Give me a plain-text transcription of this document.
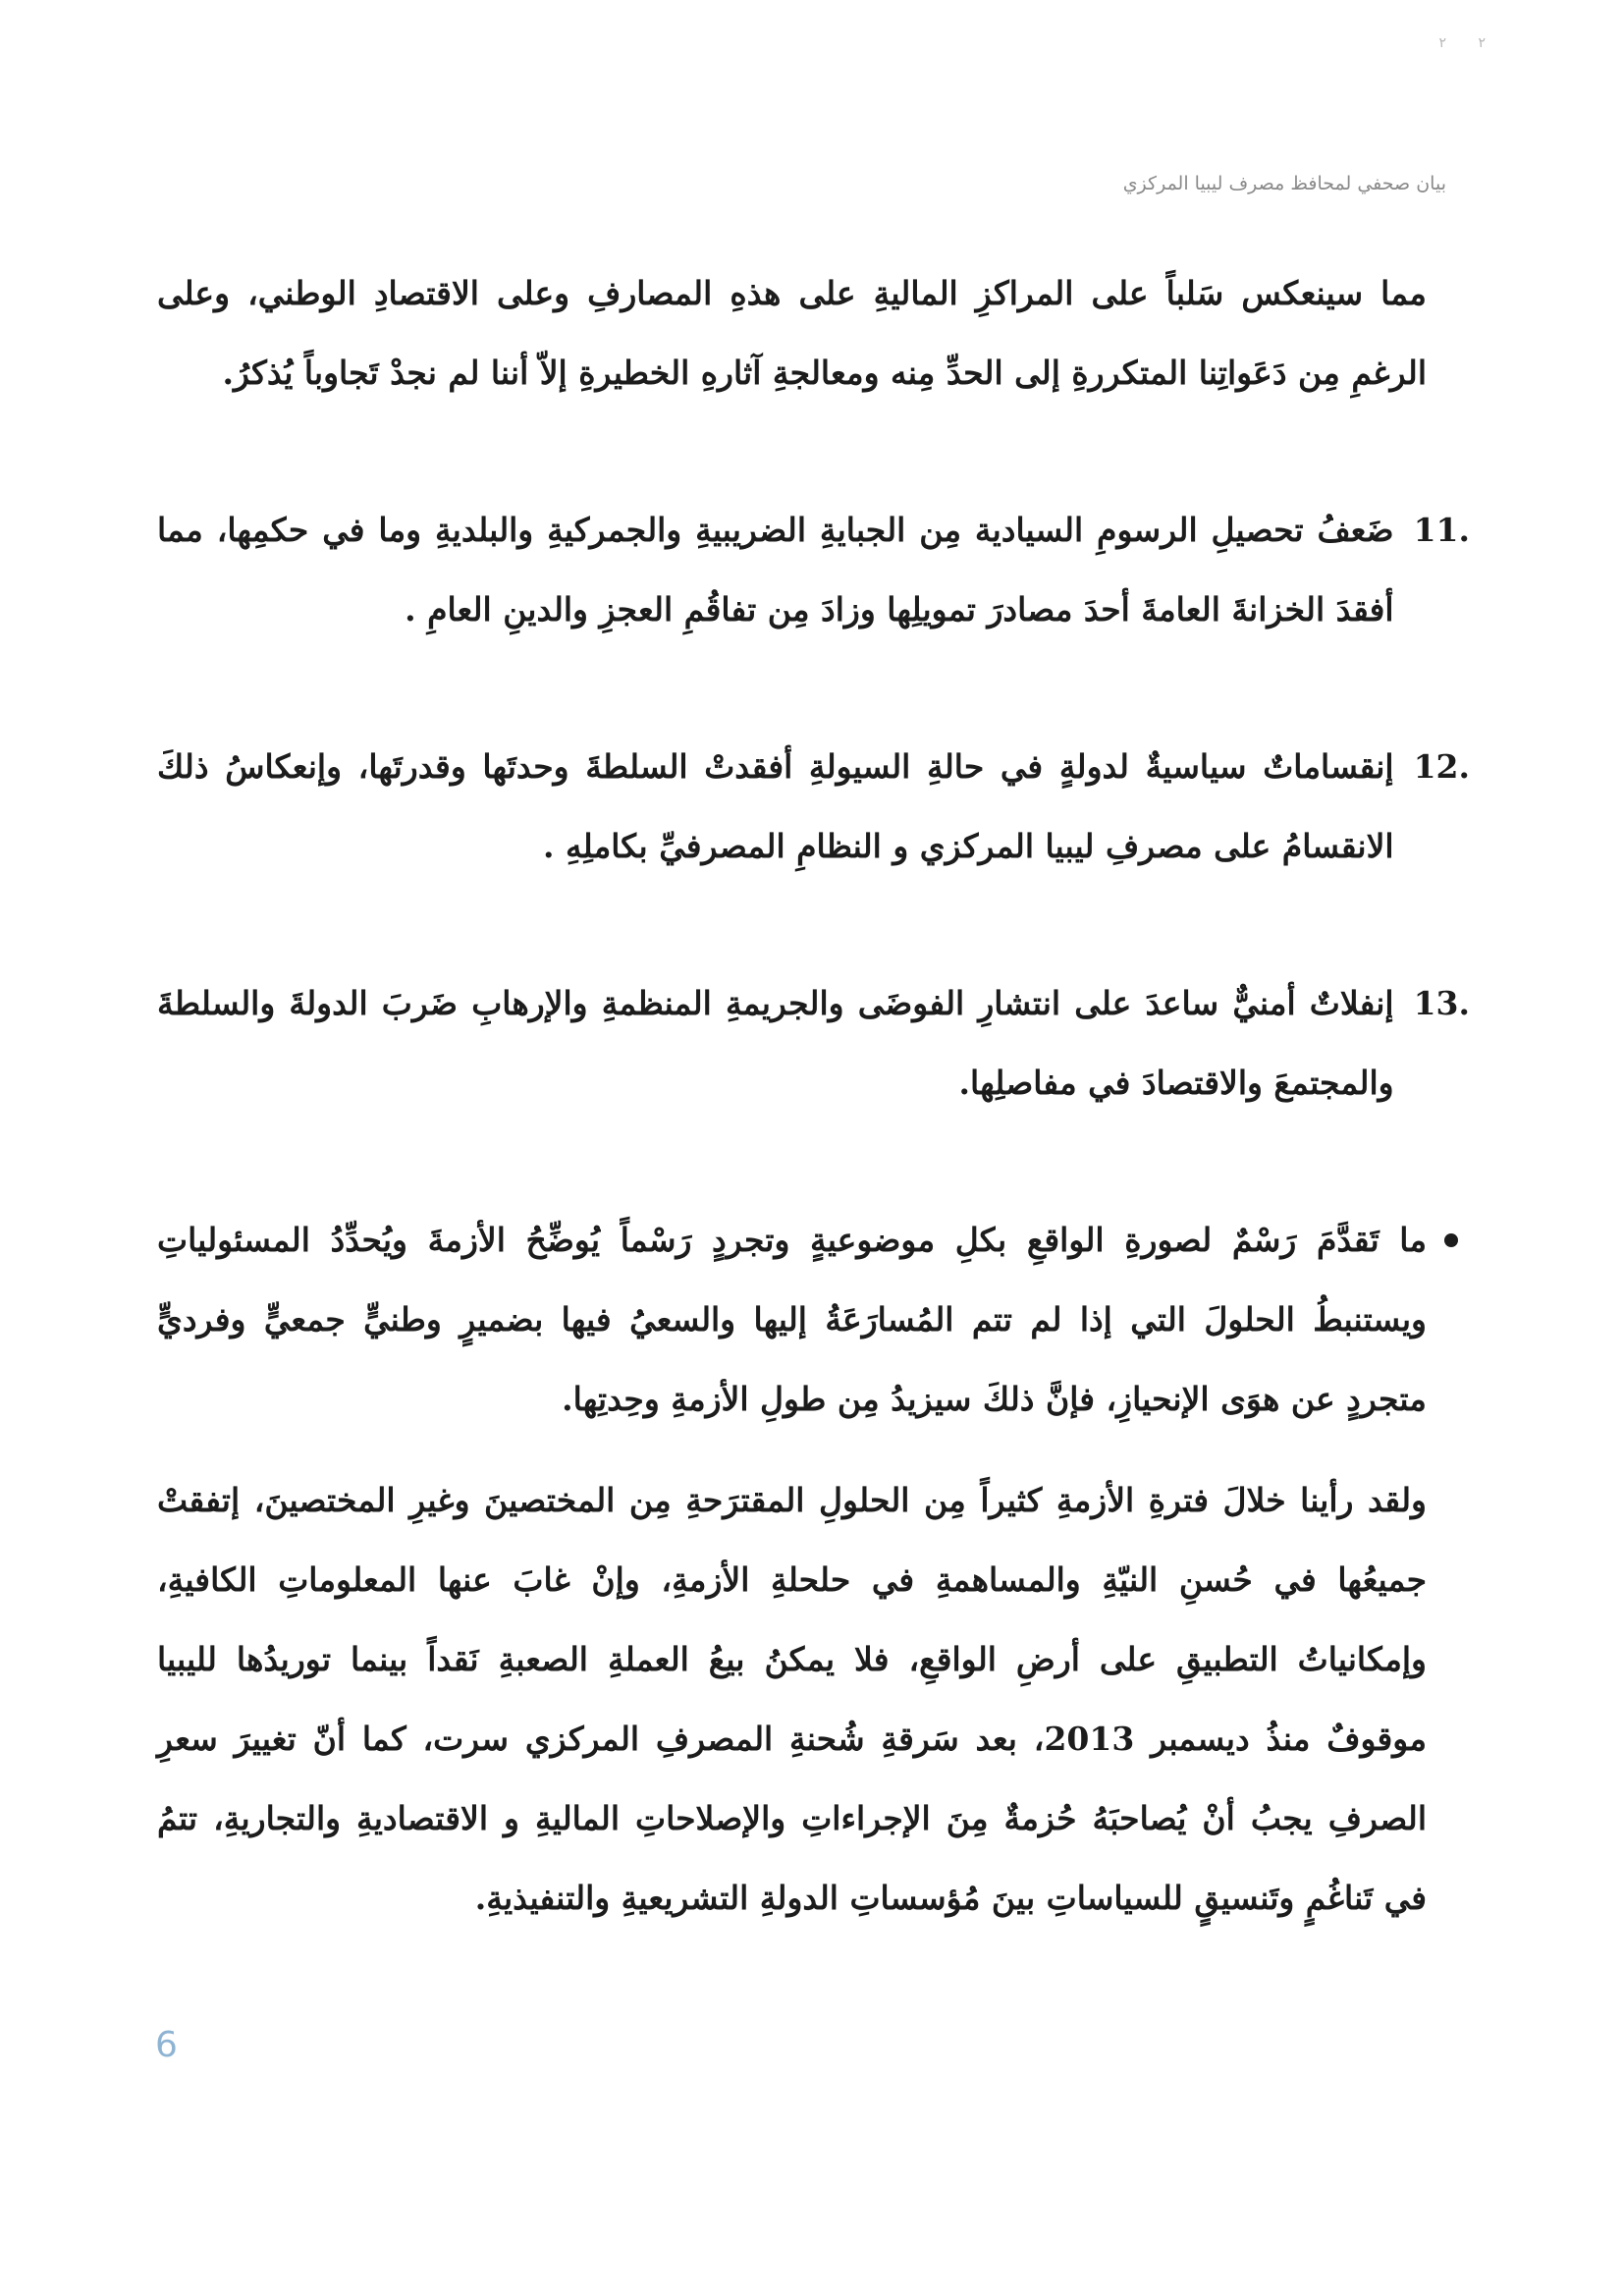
۲ ٢
بيان صحفي لمحافظ مصرف ليبيا المركزي

مما سينعكس سَلباً على المراكزِ الماليةِ على هذهِ المصارفِ وعلى الاقتصادِ الوطني، وعلى الرغمِ مِن دَعَواتِنا المتكررةِ إلى الحدِّ مِنه ومعالجةِ آثارهِ الخطيرةِ إلاّ أننا لم نجدْ تَجاوباً يُذكرُ.

11.
ضَعفُ تحصيلِ الرسومِ السيادية مِن الجبايةِ الضريبيةِ والجمركيةِ والبلديةِ وما في حكمِها، مما أفقدَ الخزانةَ العامةَ أحدَ مصادرَ تمويلِها وزادَ مِن تفاقُمِ العجزِ والدينِ العامِ .
12.
إنقساماتٌ سياسيةٌ لدولةٍ في حالةِ السيولةِ أفقدتْ السلطةَ وحدتَها وقدرتَها، وإنعكاسُ ذلكَ الانقسامُ على مصرفِ ليبيا المركزي و النظامِ المصرفيِّ بكاملِهِ .
13.
إنفلاتٌ أمنيٌّ ساعدَ على انتشارِ الفوضَى والجريمةِ المنظمةِ والإرهابِ ضَربَ الدولةَ والسلطةَ والمجتمعَ والاقتصادَ في مفاصلِها.
ما تَقدَّمَ رَسْمٌ لصورةِ الواقعِ بكلِ موضوعيةٍ وتجردٍ رَسْماً يُوضِّحُ الأزمةَ ويُحدِّدُ المسئولياتِ ويستنبطُ الحلولَ التي إذا لم تتم المُسارَعَةُ إليها والسعيُ فيها بضميرٍ وطنيٍّ جمعيٍّ وفرديٍّ متجردٍ عن هوَى الإنحيازِ، فإنَّ ذلكَ سيزيدُ مِن طولِ الأزمةِ وحِدتِها.

ولقد رأينا خلالَ فترةِ الأزمةِ كثيراً مِن الحلولِ المقترَحةِ مِن المختصينَ وغيرِ المختصينَ، إتفقتْ جميعُها في حُسنِ النيّةِ والمساهمةِ في حلحلةِ الأزمةِ، وإنْ غابَ عنها المعلوماتِ الكافيةِ، وإمكانياتُ التطبيقِ على أرضِ الواقعِ، فلا يمكنُ بيعُ العملةِ الصعبةِ نَقداً بينما توريدُها لليبيا موقوفٌ منذُ ديسمبر 2013، بعد سَرقةِ شُحنةِ المصرفِ المركزي سرت، كما أنّ تغييرَ سعرِ الصرفِ يجبُ أنْ يُصاحبَهُ حُزمةٌ مِنَ الإجراءاتِ والإصلاحاتِ الماليةِ و الاقتصاديةِ والتجاريةِ، تتمُ في تَناغُمٍ وتَنسيقٍ للسياساتِ بينَ مُؤسساتِ الدولةِ التشريعيةِ والتنفيذيةِ.

6
